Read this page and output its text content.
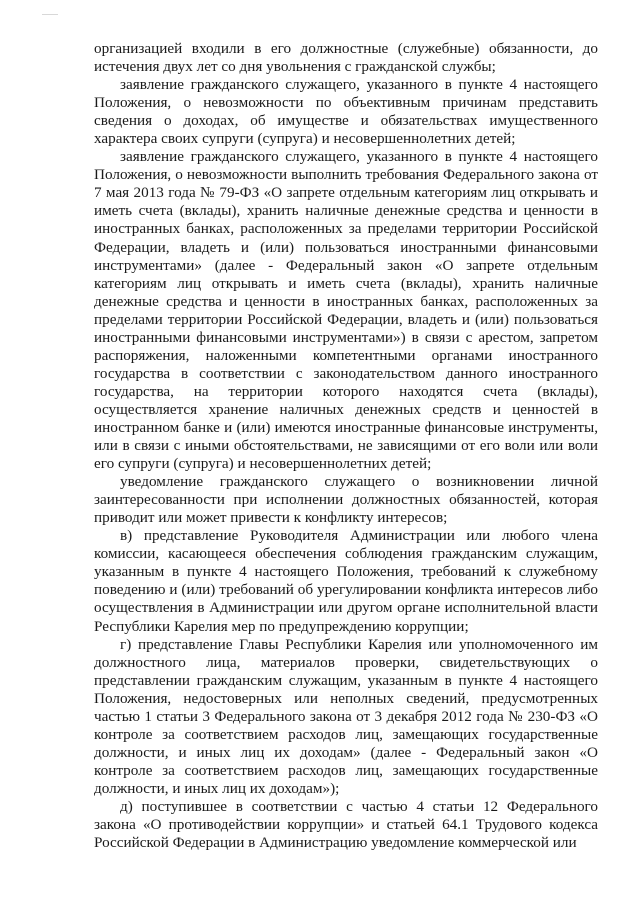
организацией входили в его должностные (служебные) обязанности, до истечения двух лет со дня увольнения с гражданской службы;

заявление гражданского служащего, указанного в пункте 4 настоящего Положения, о невозможности по объективным причинам представить сведения о доходах, об имуществе и обязательствах имущественного характера своих супруги (супруга) и несовершеннолетних детей;

заявление гражданского служащего, указанного в пункте 4 настоящего Положения, о невозможности выполнить требования Федерального закона от 7 мая 2013 года № 79-ФЗ «О запрете отдельным категориям лиц открывать и иметь счета (вклады), хранить наличные денежные средства и ценности в иностранных банках, расположенных за пределами территории Российской Федерации, владеть и (или) пользоваться иностранными финансовыми инструментами» (далее - Федеральный закон «О запрете отдельным категориям лиц открывать и иметь счета (вклады), хранить наличные денежные средства и ценности в иностранных банках, расположенных за пределами территории Российской Федерации, владеть и (или) пользоваться иностранными финансовыми инструментами») в связи с арестом, запретом распоряжения, наложенными компетентными органами иностранного государства в соответствии с законодательством данного иностранного государства, на территории которого находятся счета (вклады), осуществляется хранение наличных денежных средств и ценностей в иностранном банке и (или) имеются иностранные финансовые инструменты, или в связи с иными обстоятельствами, не зависящими от его воли или воли его супруги (супруга) и несовершеннолетних детей;

уведомление гражданского служащего о возникновении личной заинтересованности при исполнении должностных обязанностей, которая приводит или может привести к конфликту интересов;

в) представление Руководителя Администрации или любого члена комиссии, касающееся обеспечения соблюдения гражданским служащим, указанным в пункте 4 настоящего Положения, требований к служебному поведению и (или) требований об урегулировании конфликта интересов либо осуществления в Администрации или другом органе исполнительной власти Республики Карелия мер по предупреждению коррупции;

г) представление Главы Республики Карелия или уполномоченного им должностного лица, материалов проверки, свидетельствующих о представлении гражданским служащим, указанным в пункте 4 настоящего Положения, недостоверных или неполных сведений, предусмотренных частью 1 статьи 3 Федерального закона от 3 декабря 2012 года № 230-ФЗ «О контроле за соответствием расходов лиц, замещающих государственные должности, и иных лиц их доходам» (далее - Федеральный закон «О контроле за соответствием расходов лиц, замещающих государственные должности, и иных лиц их доходам»);

д) поступившее в соответствии с частью 4 статьи 12 Федерального закона «О противодействии коррупции» и статьей 64.1 Трудового кодекса Российской Федерации в Администрацию уведомление коммерческой или
